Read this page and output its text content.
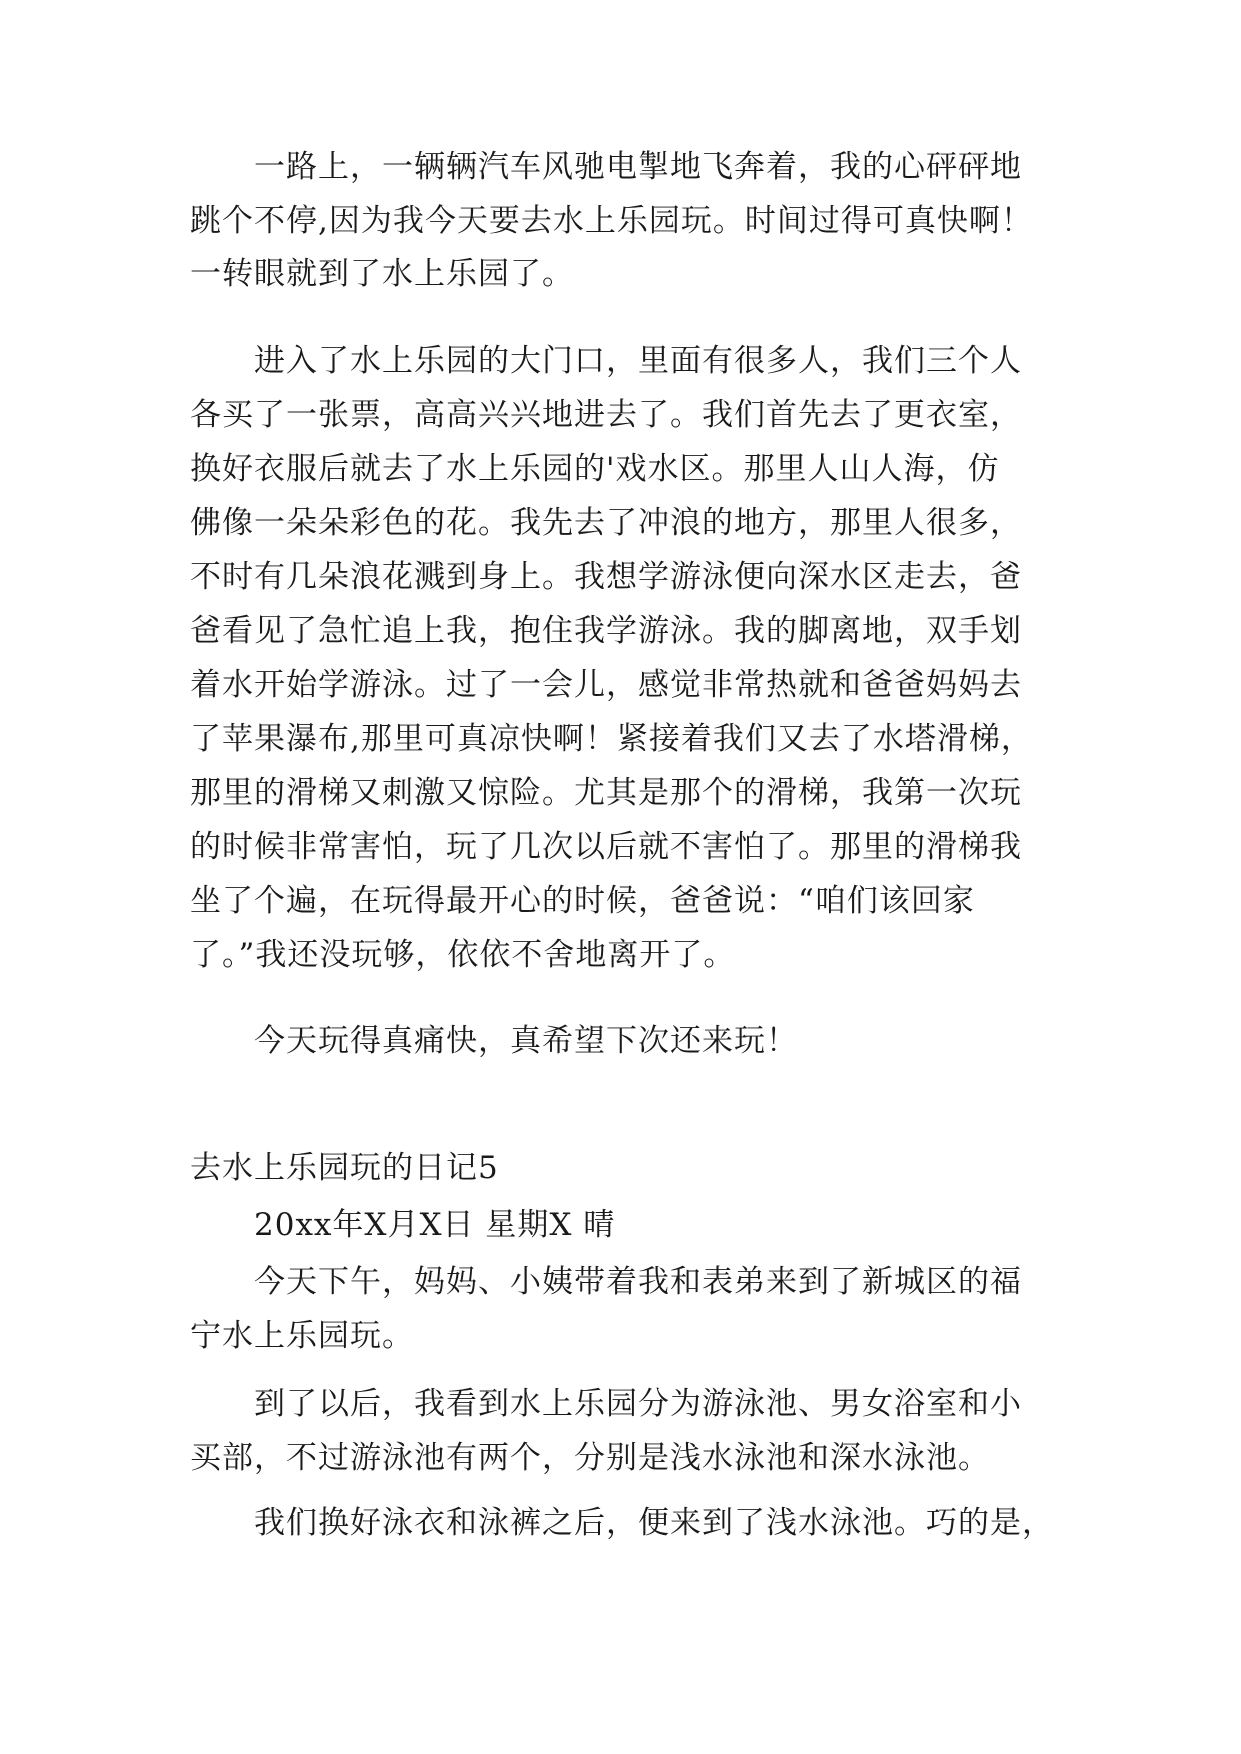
一路上，一辆辆汽车风驰电掣地飞奔着，我的心砰砰地
跳个不停,因为我今天要去水上乐园玩。时间过得可真快啊！
一转眼就到了水上乐园了。
进入了水上乐园的大门口，里面有很多人，我们三个人
各买了一张票，高高兴兴地进去了。我们首先去了更衣室，
换好衣服后就去了水上乐园的'戏水区。那里人山人海，仿
佛像一朵朵彩色的花。我先去了冲浪的地方，那里人很多，
不时有几朵浪花溅到身上。我想学游泳便向深水区走去，爸
爸看见了急忙追上我，抱住我学游泳。我的脚离地，双手划
着水开始学游泳。过了一会儿，感觉非常热就和爸爸妈妈去
了苹果瀑布,那里可真凉快啊！紧接着我们又去了水塔滑梯，
那里的滑梯又刺激又惊险。尤其是那个的滑梯，我第一次玩
的时候非常害怕，玩了几次以后就不害怕了。那里的滑梯我
坐了个遍，在玩得最开心的时候，爸爸说：“咱们该回家
了。”我还没玩够，依依不舍地离开了。
今天玩得真痛快，真希望下次还来玩！
去水上乐园玩的日记5
20xx年X月X日 星期X 晴
今天下午，妈妈、小姨带着我和表弟来到了新城区的福
宁水上乐园玩。
到了以后，我看到水上乐园分为游泳池、男女浴室和小
买部，不过游泳池有两个，分别是浅水泳池和深水泳池。
我们换好泳衣和泳裤之后，便来到了浅水泳池。巧的是，
